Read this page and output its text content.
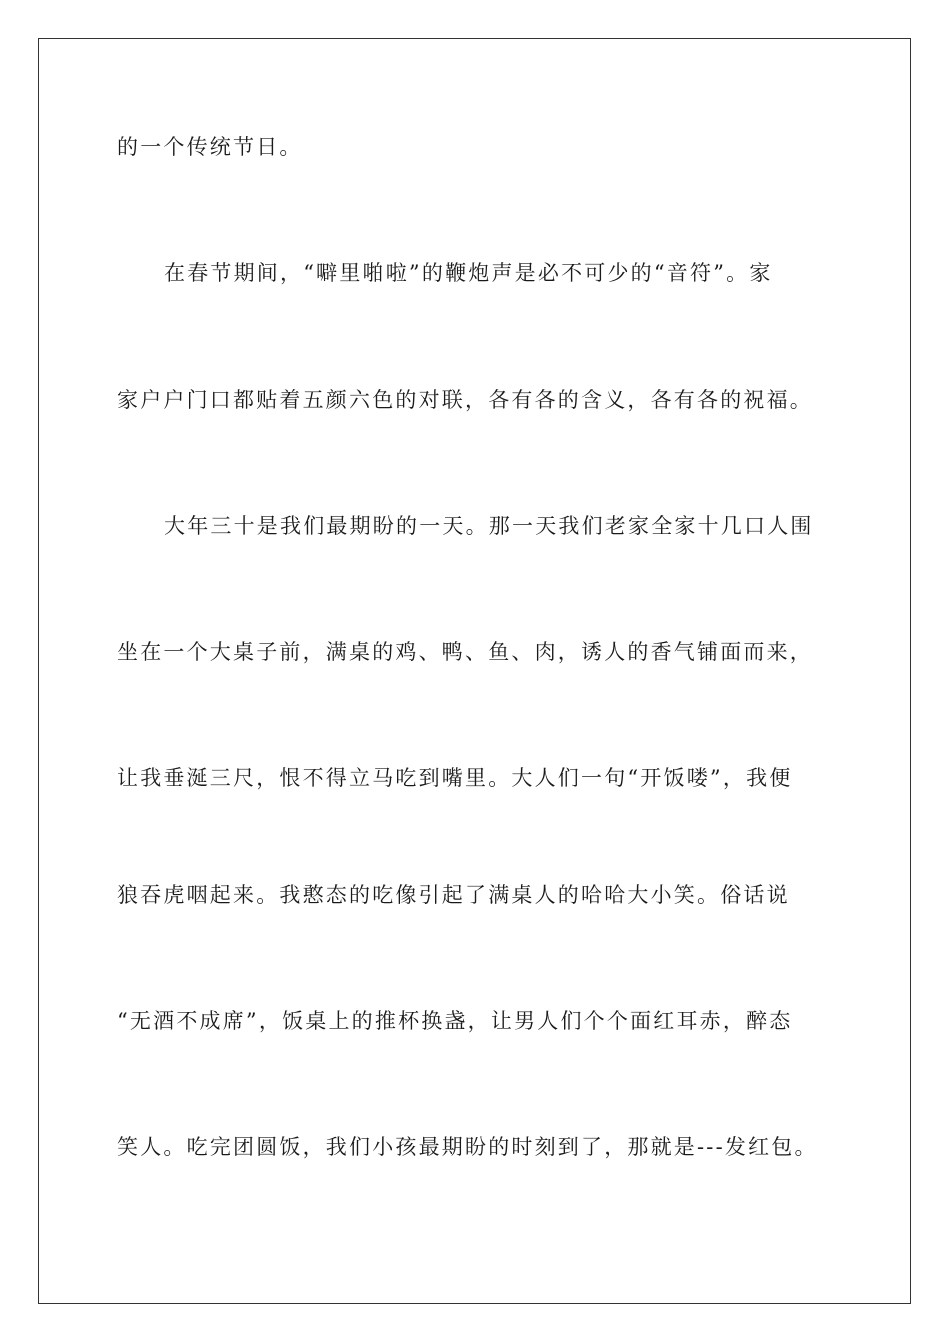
的一个传统节日。
在春节期间，“噼里啪啦”的鞭炮声是必不可少的“音符”。家
家户户门口都贴着五颜六色的对联，各有各的含义，各有各的祝福。
大年三十是我们最期盼的一天。那一天我们老家全家十几口人围
坐在一个大桌子前，满桌的鸡、鸭、鱼、肉，诱人的香气铺面而来，
让我垂涎三尺，恨不得立马吃到嘴里。大人们一句“开饭喽”，我便
狼吞虎咽起来。我憨态的吃像引起了满桌人的哈哈大小笑。俗话说
“无酒不成席”，饭桌上的推杯换盏，让男人们个个面红耳赤，醉态
笑人。吃完团圆饭，我们小孩最期盼的时刻到了，那就是---发红包。
